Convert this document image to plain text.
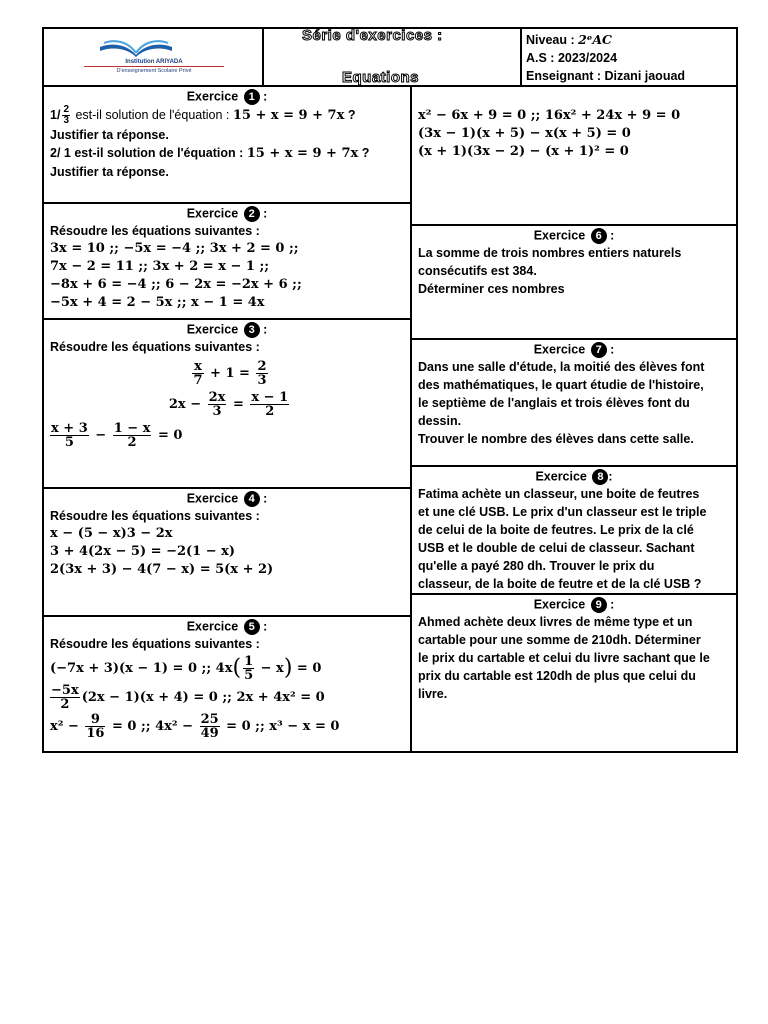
Institution ARIYADA
D'enseignement Scolaire Privé
Série d'exercices :
Equations
Niveau : 2ᵉAC
A.S : 2023/2024
Enseignant : Dizani jaouad
Exercice 1 :
$1/ \frac{2}{3} est-il$ solution de l'équation : 15 + x = 9 + 7x ?
Justifier ta réponse.
2/ 1 est-il solution de l'équation : 15 + x = 9 + 7x ?
Justifier ta réponse.
x² − 6x + 9 = 0 ;; 16x² + 24x + 9 = 0
(3x − 1)(x + 5) − x(x + 5) = 0
(x + 1)(3x − 2) − (x + 1)² = 0
Exercice 2 :
Résoudre les équations suivantes :
3x = 10 ;; −5x = −4 ;; 3x + 2 = 0 ;;
7x − 2 = 11 ;; 3x + 2 = x − 1 ;;
−8x + 6 = −4 ;; 6 − 2x = −2x + 6 ;;
−5x + 4 = 2 − 5x ;; x − 1 = 4x
Exercice 6 :
La somme de trois nombres entiers naturels
consécutifs est 384.
Déterminer ces nombres
Exercice 3 :
Résoudre les équations suivantes :
$\frac{x}{7} + 1 = \frac{2}{3}$
$2x - \frac{2x}{3} = \frac{x - 1}{2}$
$\frac{x + 3}{5} - \frac{1 - x}{2} = 0$
Exercice 7 :
Dans une salle d'étude, la moitié des élèves font
des mathématiques, le quart étudie de l'histoire,
le septième de l'anglais et trois élèves font du
dessin.
Trouver le nombre des élèves dans cette salle.
Exercice 8 :
Fatima achète un classeur, une boite de feutres
et une clé USB. Le prix d'un classeur est le triple
de celui de la boite de feutres. Le prix de la clé
USB et le double de celui de classeur. Sachant
qu'elle a payé 280 dh. Trouver le prix du
classeur, de la boite de feutre et de la clé USB ?
Exercice 4 :
Résoudre les équations suivantes :
x − (5 − x)3 − 2x
3 + 4(2x − 5) = −2(1 − x)
2(3x + 3) − 4(7 − x) = 5(x + 2)
Exercice 9 :
Ahmed achète deux livres de même type et un
cartable pour une somme de 210dh. Déterminer
le prix du cartable et celui du livre sachant que le
prix du cartable est 120dh de plus que celui du
livre.
Exercice 5 :
Résoudre les équations suivantes :
(−7x + 3)(x − 1) = 0 ;; $4x( \frac{1}{5} - x) = 0$
$\frac{-5x}{2} (2x - 1)(x + 4) = 0$ ;; 2x + 4x² = 0
$x^2 - \frac{9}{16} = 0$ ;; $4x^2 - \frac{25}{49} = 0$ ;; x³ − x = 0
